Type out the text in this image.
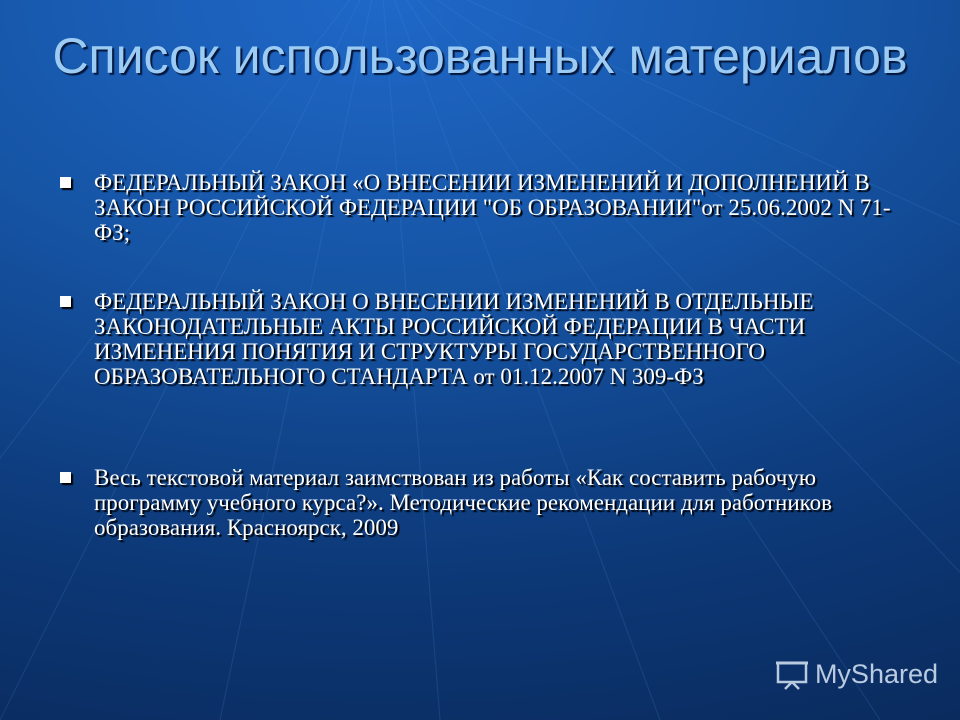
Список использованных материалов
ФЕДЕРАЛЬНЫЙ ЗАКОН «О ВНЕСЕНИИ ИЗМЕНЕНИЙ И ДОПОЛНЕНИЙ В ЗАКОН РОССИЙСКОЙ ФЕДЕРАЦИИ "ОБ ОБРАЗОВАНИИ"от 25.06.2002 N 71-ФЗ;
ФЕДЕРАЛЬНЫЙ ЗАКОН О ВНЕСЕНИИ ИЗМЕНЕНИЙ В ОТДЕЛЬНЫЕ ЗАКОНОДАТЕЛЬНЫЕ АКТЫ РОССИЙСКОЙ ФЕДЕРАЦИИ В ЧАСТИ ИЗМЕНЕНИЯ ПОНЯТИЯ И СТРУКТУРЫ ГОСУДАРСТВЕННОГО ОБРАЗОВАТЕЛЬНОГО СТАНДАРТА от 01.12.2007 N 309-ФЗ
Весь текстовой материал заимствован из работы «Как составить рабочую программу учебного курса?». Методические рекомендации для работников образования. Красноярск, 2009
MyShared
